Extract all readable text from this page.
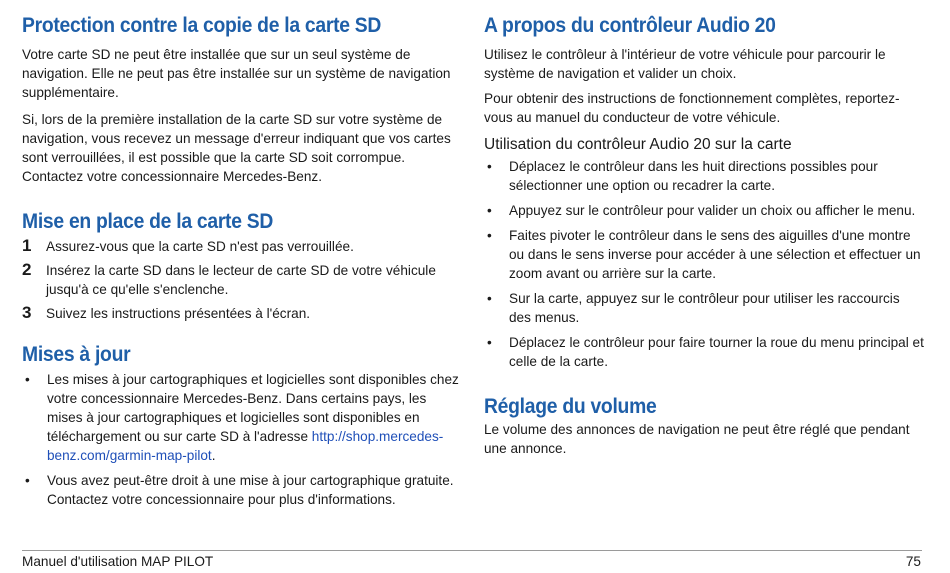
Protection contre la copie de la carte SD

Votre carte SD ne peut être installée que sur un seul système de navigation. Elle ne peut pas être installée sur un système de navigation supplémentaire.

Si, lors de la première installation de la carte SD sur votre système de navigation, vous recevez un message d'erreur indiquant que vos cartes sont verrouillées, il est possible que la carte SD soit corrompue. Contactez votre concessionnaire Mercedes-Benz.

Mise en place de la carte SD
1 Assurez-vous que la carte SD n'est pas verrouillée.
2 Insérez la carte SD dans le lecteur de carte SD de votre véhicule jusqu'à ce qu'elle s'enclenche.
3 Suivez les instructions présentées à l'écran.
Mises à jour
• Les mises à jour cartographiques et logicielles sont disponibles chez votre concessionnaire Mercedes-Benz. Dans certains pays, les mises à jour cartographiques et logicielles sont disponibles en téléchargement ou sur carte SD à l'adresse http://shop.mercedes-benz.com/garmin-map-pilot.
• Vous avez peut-être droit à une mise à jour cartographique gratuite. Contactez votre concessionnaire pour plus d'informations.
A propos du contrôleur Audio 20

Utilisez le contrôleur à l'intérieur de votre véhicule pour parcourir le système de navigation et valider un choix.

Pour obtenir des instructions de fonctionnement complètes, reportez-vous au manuel du conducteur de votre véhicule.

Utilisation du contrôleur Audio 20 sur la carte
• Déplacez le contrôleur dans les huit directions possibles pour sélectionner une option ou recadrer la carte.
• Appuyez sur le contrôleur pour valider un choix ou afficher le menu.
• Faites pivoter le contrôleur dans le sens des aiguilles d'une montre ou dans le sens inverse pour accéder à une sélection et effectuer un zoom avant ou arrière sur la carte.
• Sur la carte, appuyez sur le contrôleur pour utiliser les raccourcis des menus.
• Déplacez le contrôleur pour faire tourner la roue du menu principal et celle de la carte.
Réglage du volume

Le volume des annonces de navigation ne peut être réglé que pendant une annonce.

Manuel d'utilisation MAP PILOT	75
